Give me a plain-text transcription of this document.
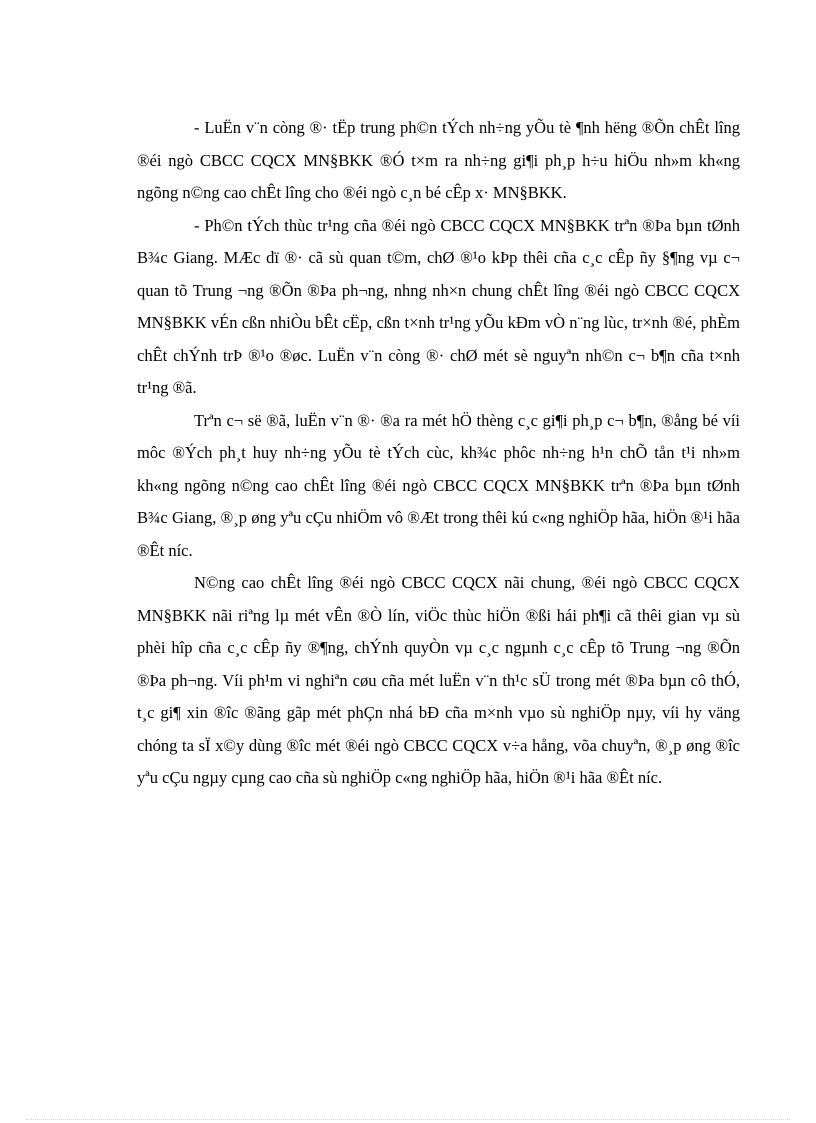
- LuËn v¨n còng ®· tËp trung ph©n tÝch nh÷ng yÕu tè ¶nh hëng ®Õn chÊt lîng ®éi ngò CBCC CQCX MN§BKK ®Ó t×m ra nh÷ng gi¶i ph¸p h÷u hiÖu nh»m kh«ng ngõng n©ng cao chÊt lîng cho ®éi ngò c¸n bé cÊp x· MN§BKK.

- Ph©n tÝch thùc tr¹ng cña ®éi ngò CBCC CQCX MN§BKK trªn ®Þa bµn tØnh B¾c Giang. MÆc dï ®· cã sù quan t©m, chØ ®¹o kÞp thêi cña c¸c cÊp ñy §¶ng vµ c¬ quan tõ Trung ¬ng ®Õn ®Þa ph¬ng, nhng nh×n chung chÊt lîng ®éi ngò CBCC CQCX MN§BKK vÉn cßn nhiÒu bÊt cËp, cßn t×nh tr¹ng yÕu kÐm vÒ n¨ng lùc, tr×nh ®é, phÈm chÊt chÝnh trÞ ®¹o ®øc. LuËn v¨n còng ®· chØ mét sè nguyªn nh©n c¬ b¶n cña t×nh tr¹ng ®ã.

Trªn c¬ së ®ã, luËn v¨n ®· ®a ra mét hÖ thèng c¸c gi¶i ph¸p c¬ b¶n, ®ång bé víi môc ®Ých ph¸t huy nh÷ng yÕu tè tÝch cùc, kh¾c phôc nh÷ng h¹n chÕ tån t¹i nh»m kh«ng ngõng n©ng cao chÊt lîng ®éi ngò CBCC CQCX MN§BKK trªn ®Þa bµn tØnh B¾c Giang, ®¸p øng yªu cÇu nhiÖm vô ®Æt trong thêi kú c«ng nghiÖp hãa, hiÖn ®¹i hãa ®Êt níc.

N©ng cao chÊt lîng ®éi ngò CBCC CQCX nãi chung, ®éi ngò CBCC CQCX MN§BKK nãi riªng lµ mét vÊn ®Ò lín, viÖc thùc hiÖn ®ßi hái ph¶i cã thêi gian vµ sù phèi hîp cña c¸c cÊp ñy ®¶ng, chÝnh quyÒn vµ c¸c ngµnh c¸c cÊp tõ Trung ¬ng ®Õn ®Þa ph¬ng. Víi ph¹m vi nghiªn cøu cña mét luËn v¨n th¹c sÜ trong mét ®Þa bµn cô thÓ, t¸c gi¶ xin ®îc ®ãng gãp mét phÇn nhá bÐ cña m×nh vµo sù nghiÖp nµy, víi hy väng chóng ta sÏ x©y dùng ®îc mét ®éi ngò CBCC CQCX v÷a hång, võa chuyªn, ®¸p øng ®îc yªu cÇu ngµy cµng cao cña sù nghiÖp c«ng nghiÖp hãa, hiÖn ®¹i hãa ®Êt níc.
